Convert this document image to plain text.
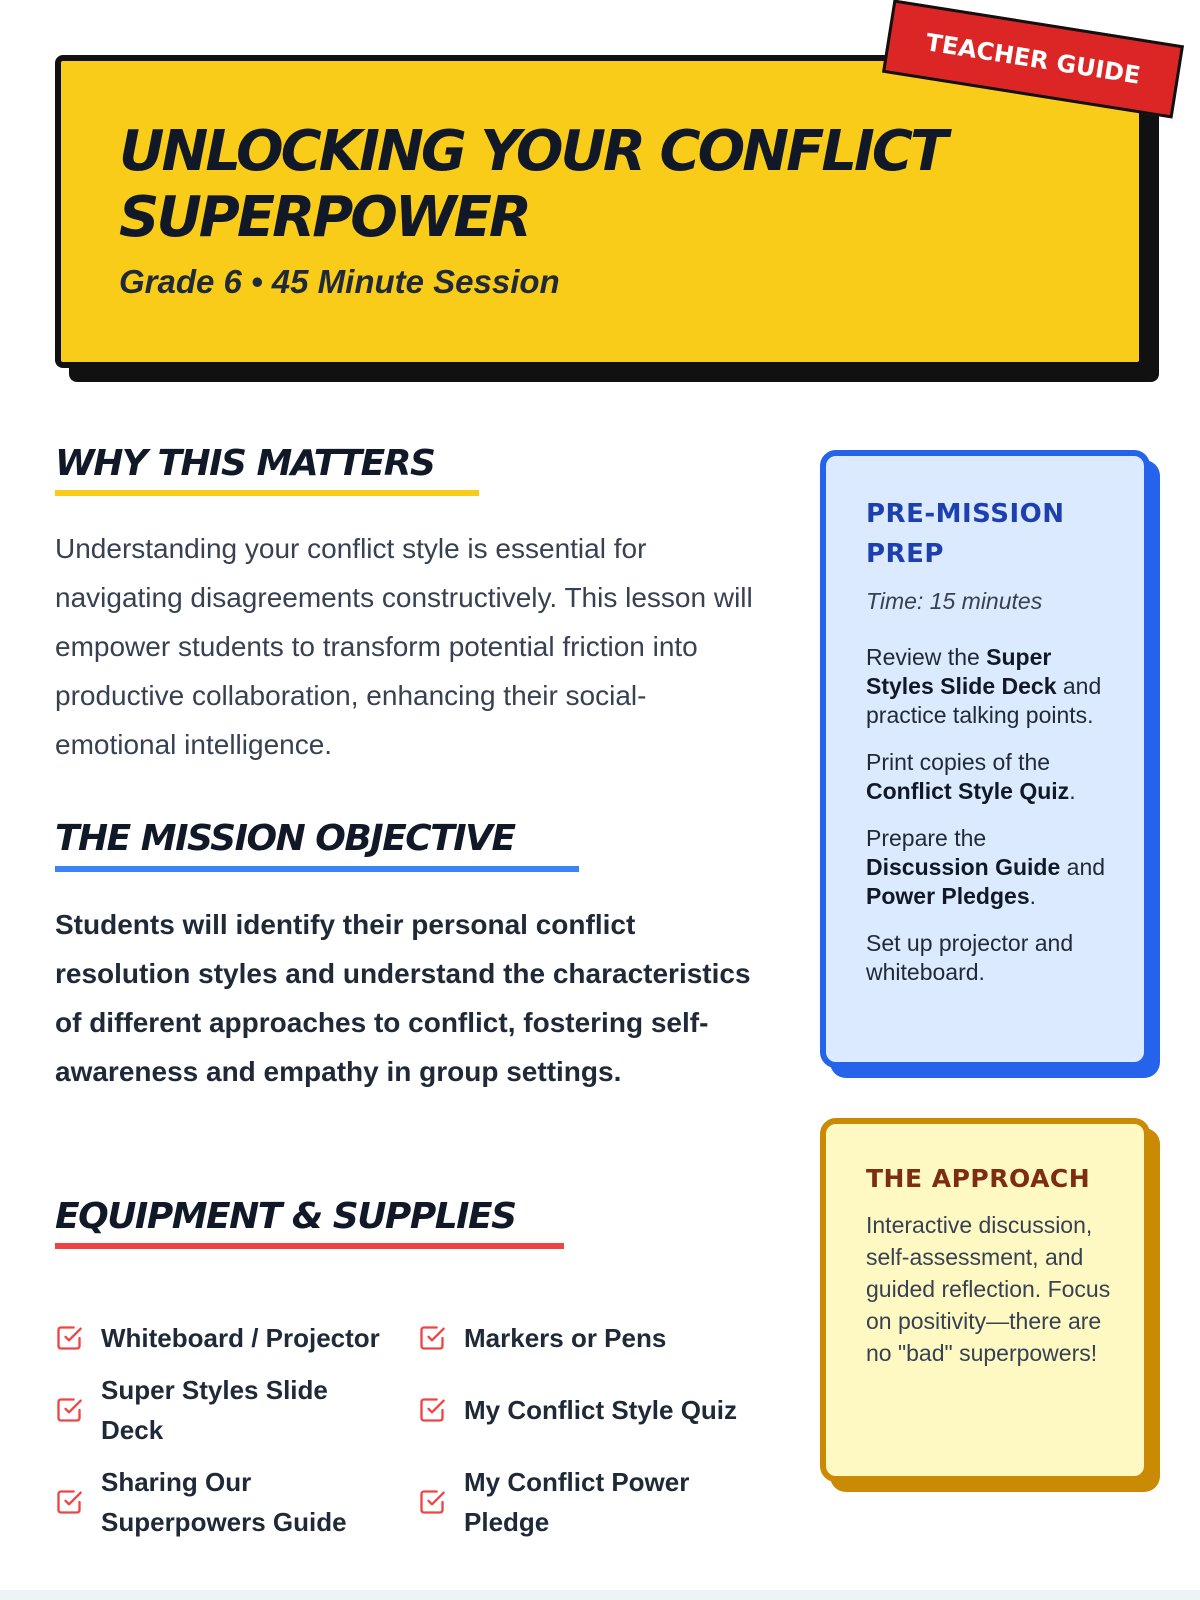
UNLOCKING YOUR CONFLICT SUPERPOWER
Grade 6 • 45 Minute Session
TEACHER GUIDE
WHY THIS MATTERS
Understanding your conflict style is essential for navigating disagreements constructively. This lesson will empower students to transform potential friction into productive collaboration, enhancing their social-emotional intelligence.
THE MISSION OBJECTIVE
Students will identify their personal conflict resolution styles and understand the characteristics of different approaches to conflict, fostering self-awareness and empathy in group settings.
EQUIPMENT & SUPPLIES
Whiteboard / Projector	Markers or Pens
Super Styles Slide Deck
My Conflict Style Quiz
Sharing Our Superpowers Guide
My Conflict Power Pledge
PRE-MISSION PREP
Time: 15 minutes
Review the Super Styles Slide Deck and practice talking points.
Print copies of the Conflict Style Quiz.
Prepare the Discussion Guide and Power Pledges.
Set up projector and whiteboard.
THE APPROACH
Interactive discussion, self-assessment, and guided reflection. Focus on positivity—there are no "bad" superpowers!
